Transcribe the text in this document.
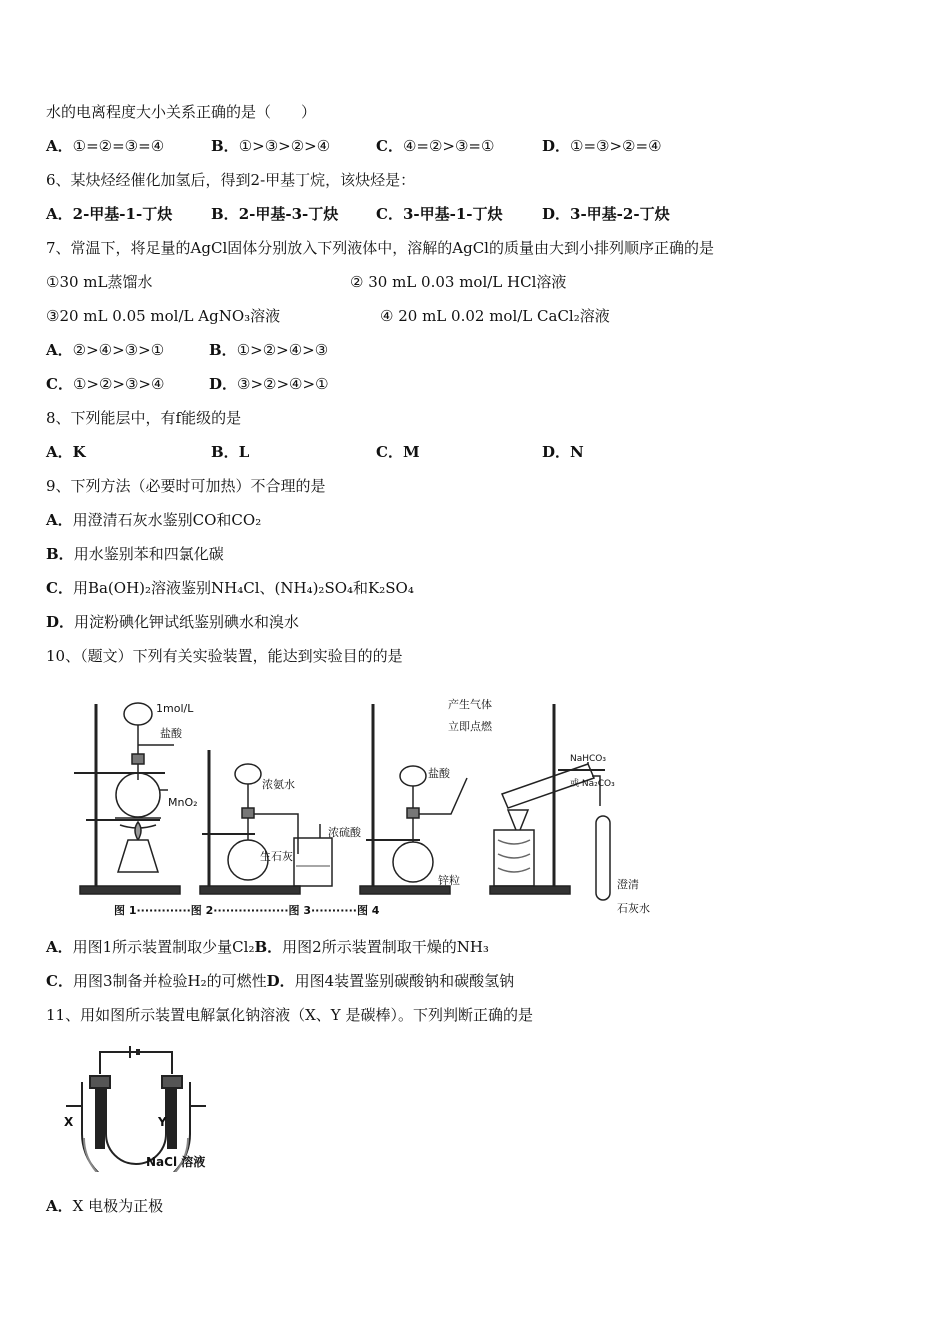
水的电离程度大小关系正确的是（　　）
A．①=②=③=④	B．①>③>②>④	C．④=②>③=①	D．①=③>②=④
6、某炔烃经催化加氢后，得到2-甲基丁烷，该炔烃是：
A．2-甲基-1-丁炔	B．2-甲基-3-丁炔	C．3-甲基-1-丁炔	D．3-甲基-2-丁炔
7、常温下，将足量的AgCl固体分别放入下列液体中，溶解的AgCl的质量由大到小排列顺序正确的是
①30 mL蒸馏水	② 30 mL 0.03 mol/L HCl溶液
③20 mL 0.05 mol/L AgNO₃溶液	④ 20 mL 0.02 mol/L CaCl₂溶液
A．②>④>③>①	B．①>②>④>③
C．①>②>③>④	D．③>②>④>①
8、下列能层中，有f能级的是
A．K	B．L	C．M	D．N
9、下列方法（必要时可加热）不合理的是
A．用澄清石灰水鉴别CO和CO₂
B．用水鉴别苯和四氯化碳
C．用Ba(OH)₂溶液鉴别NH₄Cl、(NH₄)₂SO₄和K₂SO₄
D．用淀粉碘化钾试纸鉴别碘水和溴水
10、（题文）下列有关实验装置，能达到实验目的的是
1mol/L
盐酸
MnO₂
浓氨水
生石灰
浓硫酸
盐酸
锌粒
产生气体
立即点燃
NaHCO₃
或 Na₂CO₃
澄清
石灰水
图 1·············图 2··················图 3···········图 4
A．用图1所示装置制取少量Cl₂B．用图2所示装置制取干燥的NH₃
C．用图3制备并检验H₂的可燃性D．用图4装置鉴别碳酸钠和碳酸氢钠
11、用如图所示装置电解氯化钠溶液（X、Y 是碳棒）。下列判断正确的是
X	Y
NaCl 溶液
A．X 电极为正极
